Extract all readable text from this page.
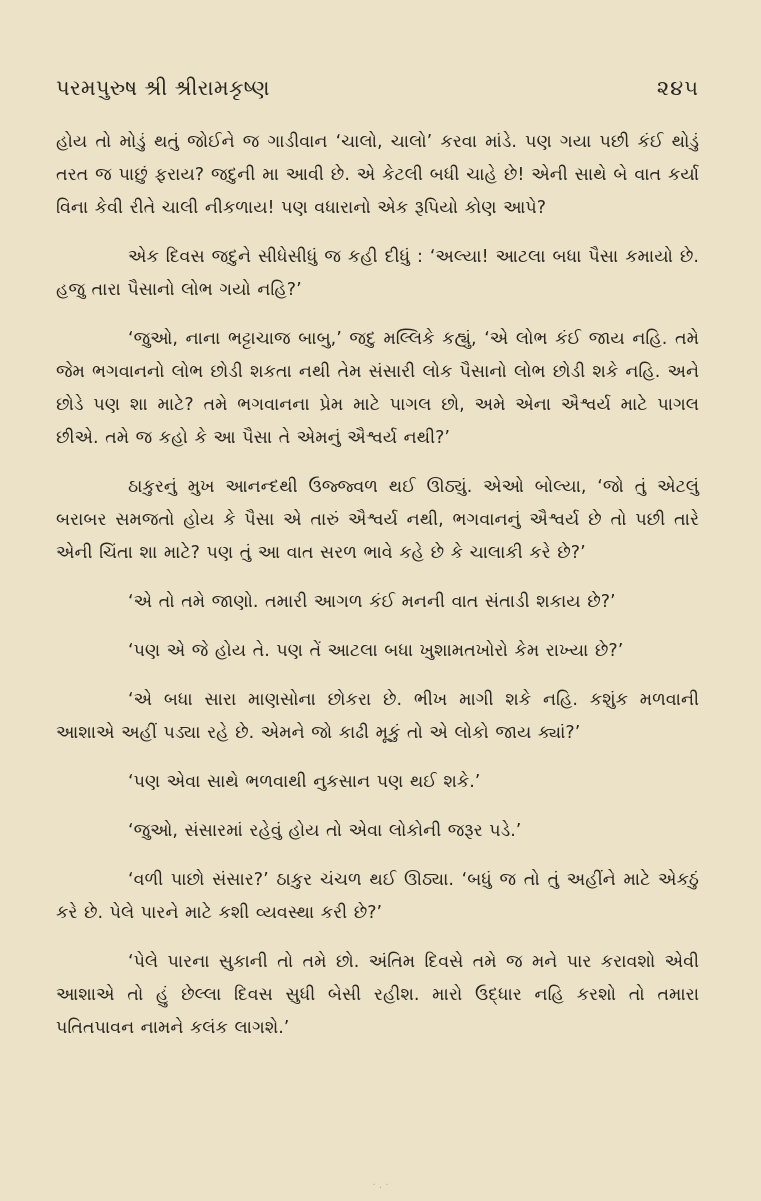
પરમપુરુષ શ્રી શ્રીરામકૃષ્ણ	૨૪૫

હોય તો મોડું થતું જોઈને જ ગાડીવાન ‘ચાલો, ચાલો’ કરવા માંડે. પણ ગયા પછી કંઈ થોડું તરત જ પાછું ફરાય? જદુની મા આવી છે. એ કેટલી બધી ચાહે છે! એની સાથે બે વાત કર્યા વિના કેવી રીતે ચાલી નીકળાય! પણ વધારાનો એક રૂપિયો કોણ આપે?

એક દિવસ જદુને સીધેસીધું જ કહી દીધું : ‘અલ્યા! આટલા બધા પૈસા કમાયો છે. હજુ તારા પૈસાનો લોભ ગયો નહિ?’

‘જુઓ, નાના ભટ્ટાચાજ બાબુ,’ જદુ મલ્લિકે કહ્યું, ‘એ લોભ કંઈ જાય નહિ. તમે જેમ ભગવાનનો લોભ છોડી શકતા નથી તેમ સંસારી લોક પૈસાનો લોભ છોડી શકે નહિ. અને છોડે પણ શા માટે? તમે ભગવાનના પ્રેમ માટે પાગલ છો, અમે એના ઐશ્વર્ય માટે પાગલ છીએ. તમે જ કહો કે આ પૈસા તે એમનું ઐશ્વર્ય નથી?’

ઠાકુરનું મુખ આનન્દથી ઉજ્જ્વળ થઈ ઊઠ્યું. એઓ બોલ્યા, ‘જો તું એટલું બરાબર સમજતો હોય કે પૈસા એ તારું ઐશ્વર્ય નથી, ભગવાનનું ઐશ્વર્ય છે તો પછી તારે એની ચિંતા શા માટે? પણ તું આ વાત સરળ ભાવે કહે છે કે ચાલાકી કરે છે?’

‘એ તો તમે જાણો. તમારી આગળ કંઈ મનની વાત સંતાડી શકાય છે?’

‘પણ એ જે હોય તે. પણ તેં આટલા બધા ખુશામતખોરો કેમ રાખ્યા છે?’

‘એ બધા સારા માણસોના છોકરા છે. ભીખ માગી શકે નહિ. કશુંક મળવાની આશાએ અહીં પડ્યા રહે છે. એમને જો કાઢી મૂકું તો એ લોકો જાય ક્યાં?’

‘પણ એવા સાથે ભળવાથી નુકસાન પણ થઈ શકે.’

‘જુઓ, સંસારમાં રહેવું હોય તો એવા લોકોની જરૂર પડે.’

‘વળી પાછો સંસાર?’ ઠાકુર ચંચળ થઈ ઊઠ્યા. ‘બધું જ તો તું અહીંને માટે એકઠું કરે છે. પેલે પારને માટે કશી વ્યવસ્થા કરી છે?’

‘પેલે પારના સુકાની તો તમે છો. અંતિમ દિવસે તમે જ મને પાર કરાવશો એવી આશાએ તો હું છેલ્લા દિવસ સુધી બેસી રહીશ. મારો ઉદ્ધાર નહિ કરશો તો તમારા પતિતપાવન નામને કલંક લાગશે.’

· . ·
